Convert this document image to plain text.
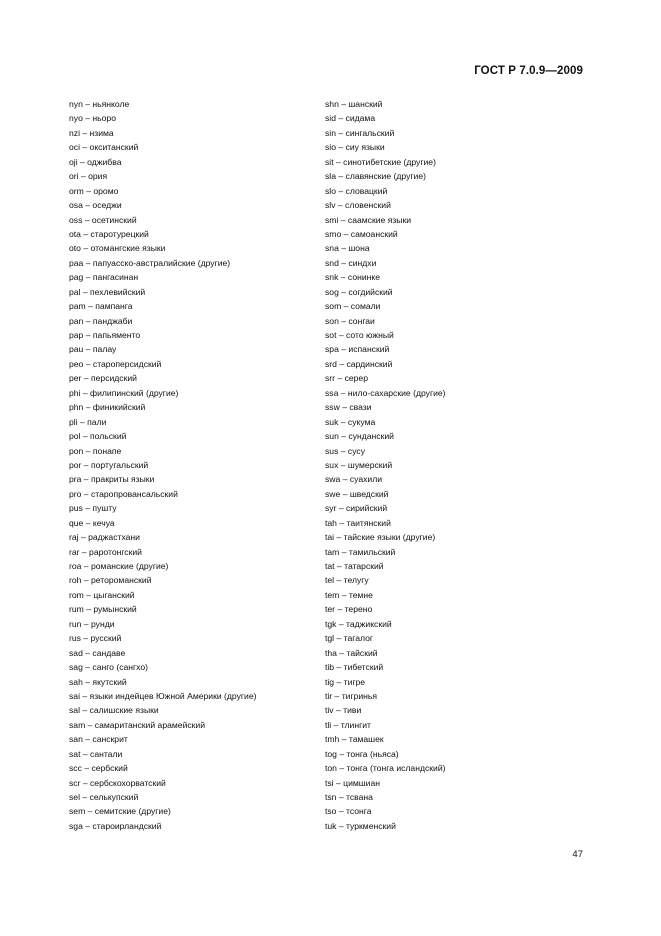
ГОСТ Р 7.0.9—2009
nyn – ньянколе
nyo – ньоро
nzi – нзима
oci – окситанский
oji – оджибва
ori – ория
orm – оромо
osa – оседжи
oss – осетинский
ota – старотурецкий
oto – отомангские языки
paa – папуасско-австралийские (другие)
pag – пангасинан
pal – пехлевийский
pam – пампанга
pan – панджаби
pap – папьяменто
pau – палау
peo – староперсидский
per – персидский
phi – филипинский (другие)
phn – финикийский
pli – пали
pol – польский
pon – понапе
por – португальский
pra – пракриты языки
pro – старопровансальский
pus – пушту
que – кечуа
raj – раджастхани
rar – раротонгский
roa – романские (другие)
roh – ретороманский
rom – цыганский
rum – румынский
run – рунди
rus – русский
sad – сандаве
sag – санго (сангхо)
sah – якутский
sai – языки индейцев Южной Америки (другие)
sal – салишские языки
sam – самаританский арамейский
san – санскрит
sat – сантали
scc – сербский
scr – сербскохорватский
sel – селькупский
sem – семитские (другие)
sga – староирландский
shn – шанский
sid – сидама
sin – сингальский
sio – сиу языки
sit – синотибетские (другие)
sla – славянские (другие)
slo – словацкий
slv – словенский
smi – саамские языки
smo – самоанский
sna – шона
snd – синдхи
snk – сонинке
sog – согдийский
som – сомали
son – сонгаи
sot – сото южный
spa – испанский
srd – сардинский
srr – серер
ssa – нило-сахарские (другие)
ssw – свази
suk – сукума
sun – сунданский
sus – сусу
sux – шумерский
swa – суахили
swe – шведский
syr – сирийский
tah – таитянский
tai – тайские языки (другие)
tam – тамильский
tat – татарский
tel – телугу
tem – темне
ter – терено
tgk – таджикский
tgl – тагалог
tha – тайский
tib – тибетский
tig – тигре
tir – тигринья
tiv – тиви
tli – тлингит
tmh – тамашек
tog – тонга (ньяса)
ton – тонга (тонга исландский)
tsi – цимшиан
tsn – тсвана
tso – тсонга
tuk – туркменский
47
